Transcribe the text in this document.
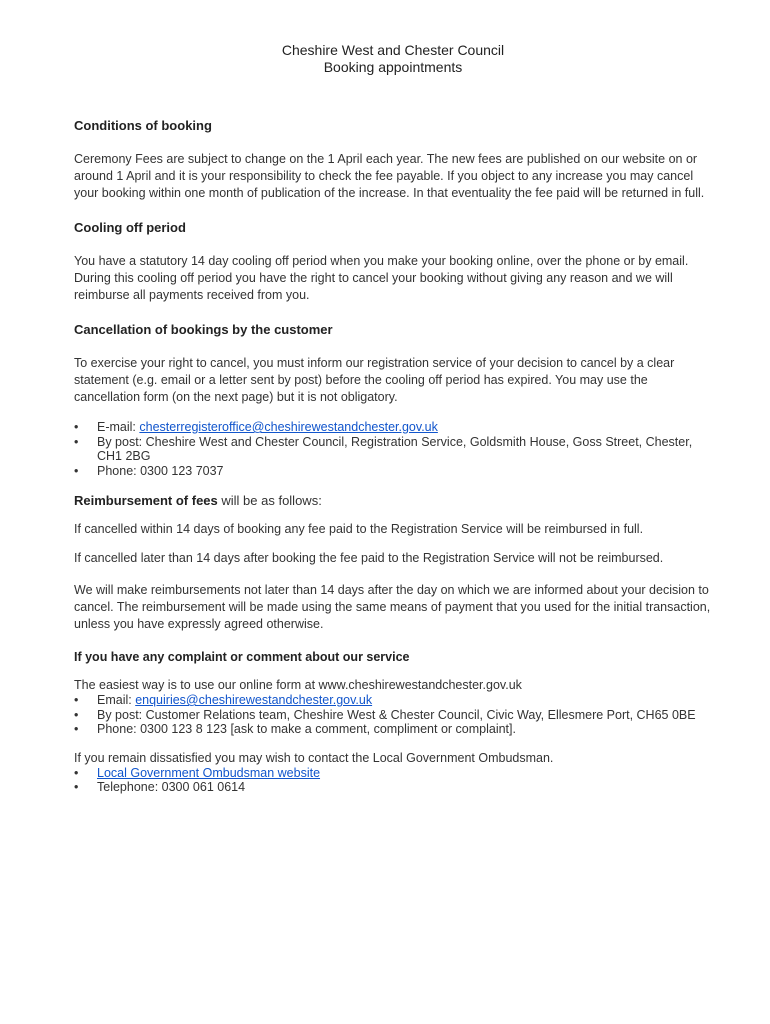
Cheshire West and Chester Council
Booking appointments
Conditions of booking

Ceremony Fees are subject to change on the 1 April each year. The new fees are published on our website on or around 1 April and it is your responsibility to check the fee payable. If you object to any increase you may cancel your booking within one month of publication of the increase. In that eventuality the fee paid will be returned in full.

Cooling off period

You have a statutory 14 day cooling off period when you make your booking online, over the phone or by email. During this cooling off period you have the right to cancel your booking without giving any reason and we will reimburse all payments received from you.

Cancellation of bookings by the customer

To exercise your right to cancel, you must inform our registration service of your decision to cancel by a clear statement (e.g. email or a letter sent by post) before the cooling off period has expired. You may use the cancellation form (on the next page) but it is not obligatory.

• E-mail: chesterregisteroffice@cheshirewestandchester.gov.uk
• By post: Cheshire West and Chester Council, Registration Service, Goldsmith House, Goss Street, Chester, CH1 2BG
• Phone: 0300 123 7037

Reimbursement of fees will be as follows:

If cancelled within 14 days of booking any fee paid to the Registration Service will be reimbursed in full.

If cancelled later than 14 days after booking the fee paid to the Registration Service will not be reimbursed.

We will make reimbursements not later than 14 days after the day on which we are informed about your decision to cancel. The reimbursement will be made using the same means of payment that you used for the initial transaction, unless you have expressly agreed otherwise.

If you have any complaint or comment about our service

The easiest way is to use our online form at www.cheshirewestandchester.gov.uk

• Email: enquiries@cheshirewestandchester.gov.uk
• By post: Customer Relations team, Cheshire West & Chester Council, Civic Way, Ellesmere Port, CH65 0BE
• Phone: 0300 123 8 123 [ask to make a comment, compliment or complaint].

If you remain dissatisfied you may wish to contact the Local Government Ombudsman.

• Local Government Ombudsman website
• Telephone: 0300 061 0614
